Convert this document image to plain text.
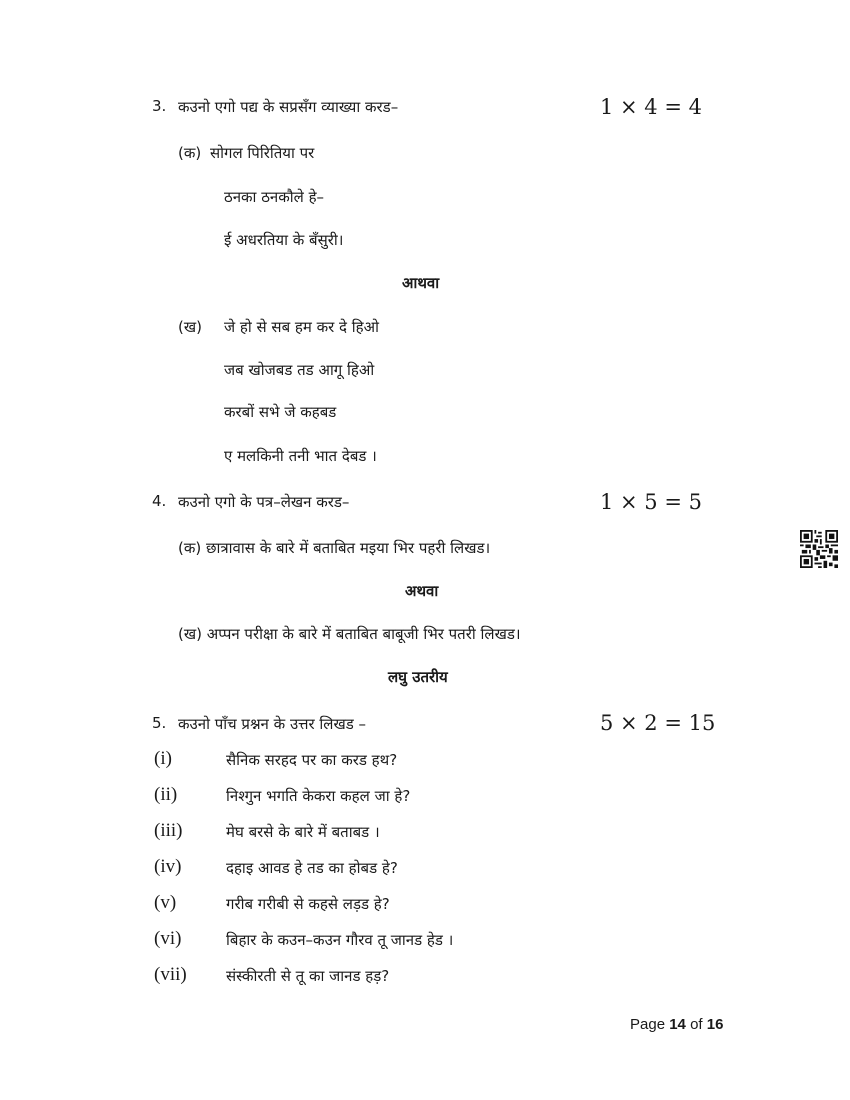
3. कउनो एगो पद्य के सप्रसँग व्याख्या करड–	1 × 4 = 4
(क) सोगल पिरितिया पर
ठनका ठनकौले हे–
ई अधरतिया के बँसुरी।
आथवा
(ख) जे हो से सब हम कर दे हिओ
जब खोजबड तड आगू हिओ
करबों सभे जे कहबड
ए मलकिनी तनी भात देबड ।
4. कउनो एगो के पत्र–लेखन करड–	1 × 5 = 5
(क) छात्रावास के बारे में बताबित मइया भिर पहरी लिखड।
अथवा
(ख) अप्पन परीक्षा के बारे में बताबित बाबूजी भिर पतरी लिखड।
लघु उतरीय
5. कउनो पाँच प्रश्नन के उत्तर लिखड –	5 × 2 = 15
(i)	सैनिक सरहद पर का करड हथ?
(ii)	निश्गुन भगति केकरा कहल जा हे?
(iii)	मेघ बरसे के बारे में बताबड ।
(iv)	दहाइ आवड हे तड का होबड हे?
(v)	गरीब गरीबी से कहसे लड़ड हे?
(vi)	बिहार के कउन–कउन गौरव तू जानड हेड ।
(vii)	संस्कीरती से तू का जानड हड़?
Page 14 of 16
